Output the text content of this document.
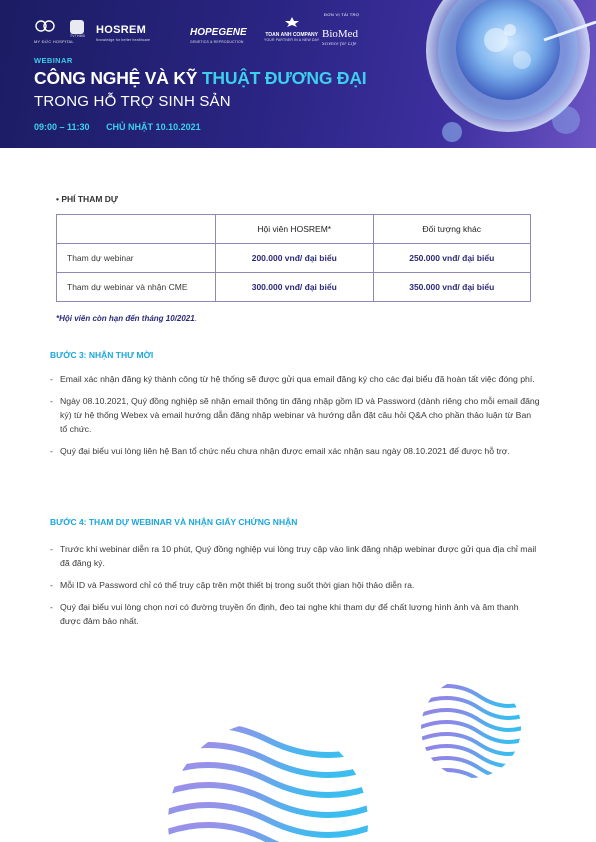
ĐƠN VỊ TÀI TRỢ
MY ĐỨC HOSPITAL
TVTHMD HOSREM
Knowledge for better healthcare
HOPEGENE
GENETICS & REPRODUCTION
TOAN ANH COMPANY
YOUR PARTNER IN A NEW DAY BioMed
Science for Life
WEBINAR
CÔNG NGHỆ VÀ KỸ THUẬT ĐƯƠNG ĐẠI
TRONG HỖ TRỢ SINH SẢN
09:00 – 11:30 CHỦ NHẬT 10.10.2021
• PHÍ THAM DỰ
	Hội viên HOSREM*	Đối tượng khác
Tham dự webinar	200.000 vnđ/ đại biểu	250.000 vnđ/ đại biểu
Tham dự webinar và nhận CME	300.000 vnđ/ đại biểu	350.000 vnđ/ đại biểu
*Hội viên còn hạn đến tháng 10/2021.
BƯỚC 3: NHẬN THƯ MỜI
- Email xác nhận đăng ký thành công từ hệ thống sẽ được gửi qua email đăng ký cho các đại biểu đã hoàn tất việc đóng phí.
- Ngày 08.10.2021, Quý đồng nghiệp sẽ nhận email thông tin đăng nhập gồm ID và Password (dành riêng cho mỗi email đăng ký) từ hệ thống Webex và email hướng dẫn đăng nhập webinar và hướng dẫn đặt câu hỏi Q&A cho phần thảo luận từ Ban tổ chức.
- Quý đại biểu vui lòng liên hệ Ban tổ chức nếu chưa nhận được email xác nhận sau ngày 08.10.2021 để được hỗ trợ.
BƯỚC 4: THAM DỰ WEBINAR VÀ NHẬN GIẤY CHỨNG NHẬN
- Trước khi webinar diễn ra 10 phút, Quý đồng nghiệp vui lòng truy cập vào link đăng nhập webinar được gửi qua địa chỉ mail đã đăng ký.
- Mỗi ID và Password chỉ có thể truy cập trên một thiết bị trong suốt thời gian hội thảo diễn ra.
- Quý đại biểu vui lòng chọn nơi có đường truyền ổn định, đeo tai nghe khi tham dự để chất lượng hình ảnh và âm thanh được đảm bảo nhất.
